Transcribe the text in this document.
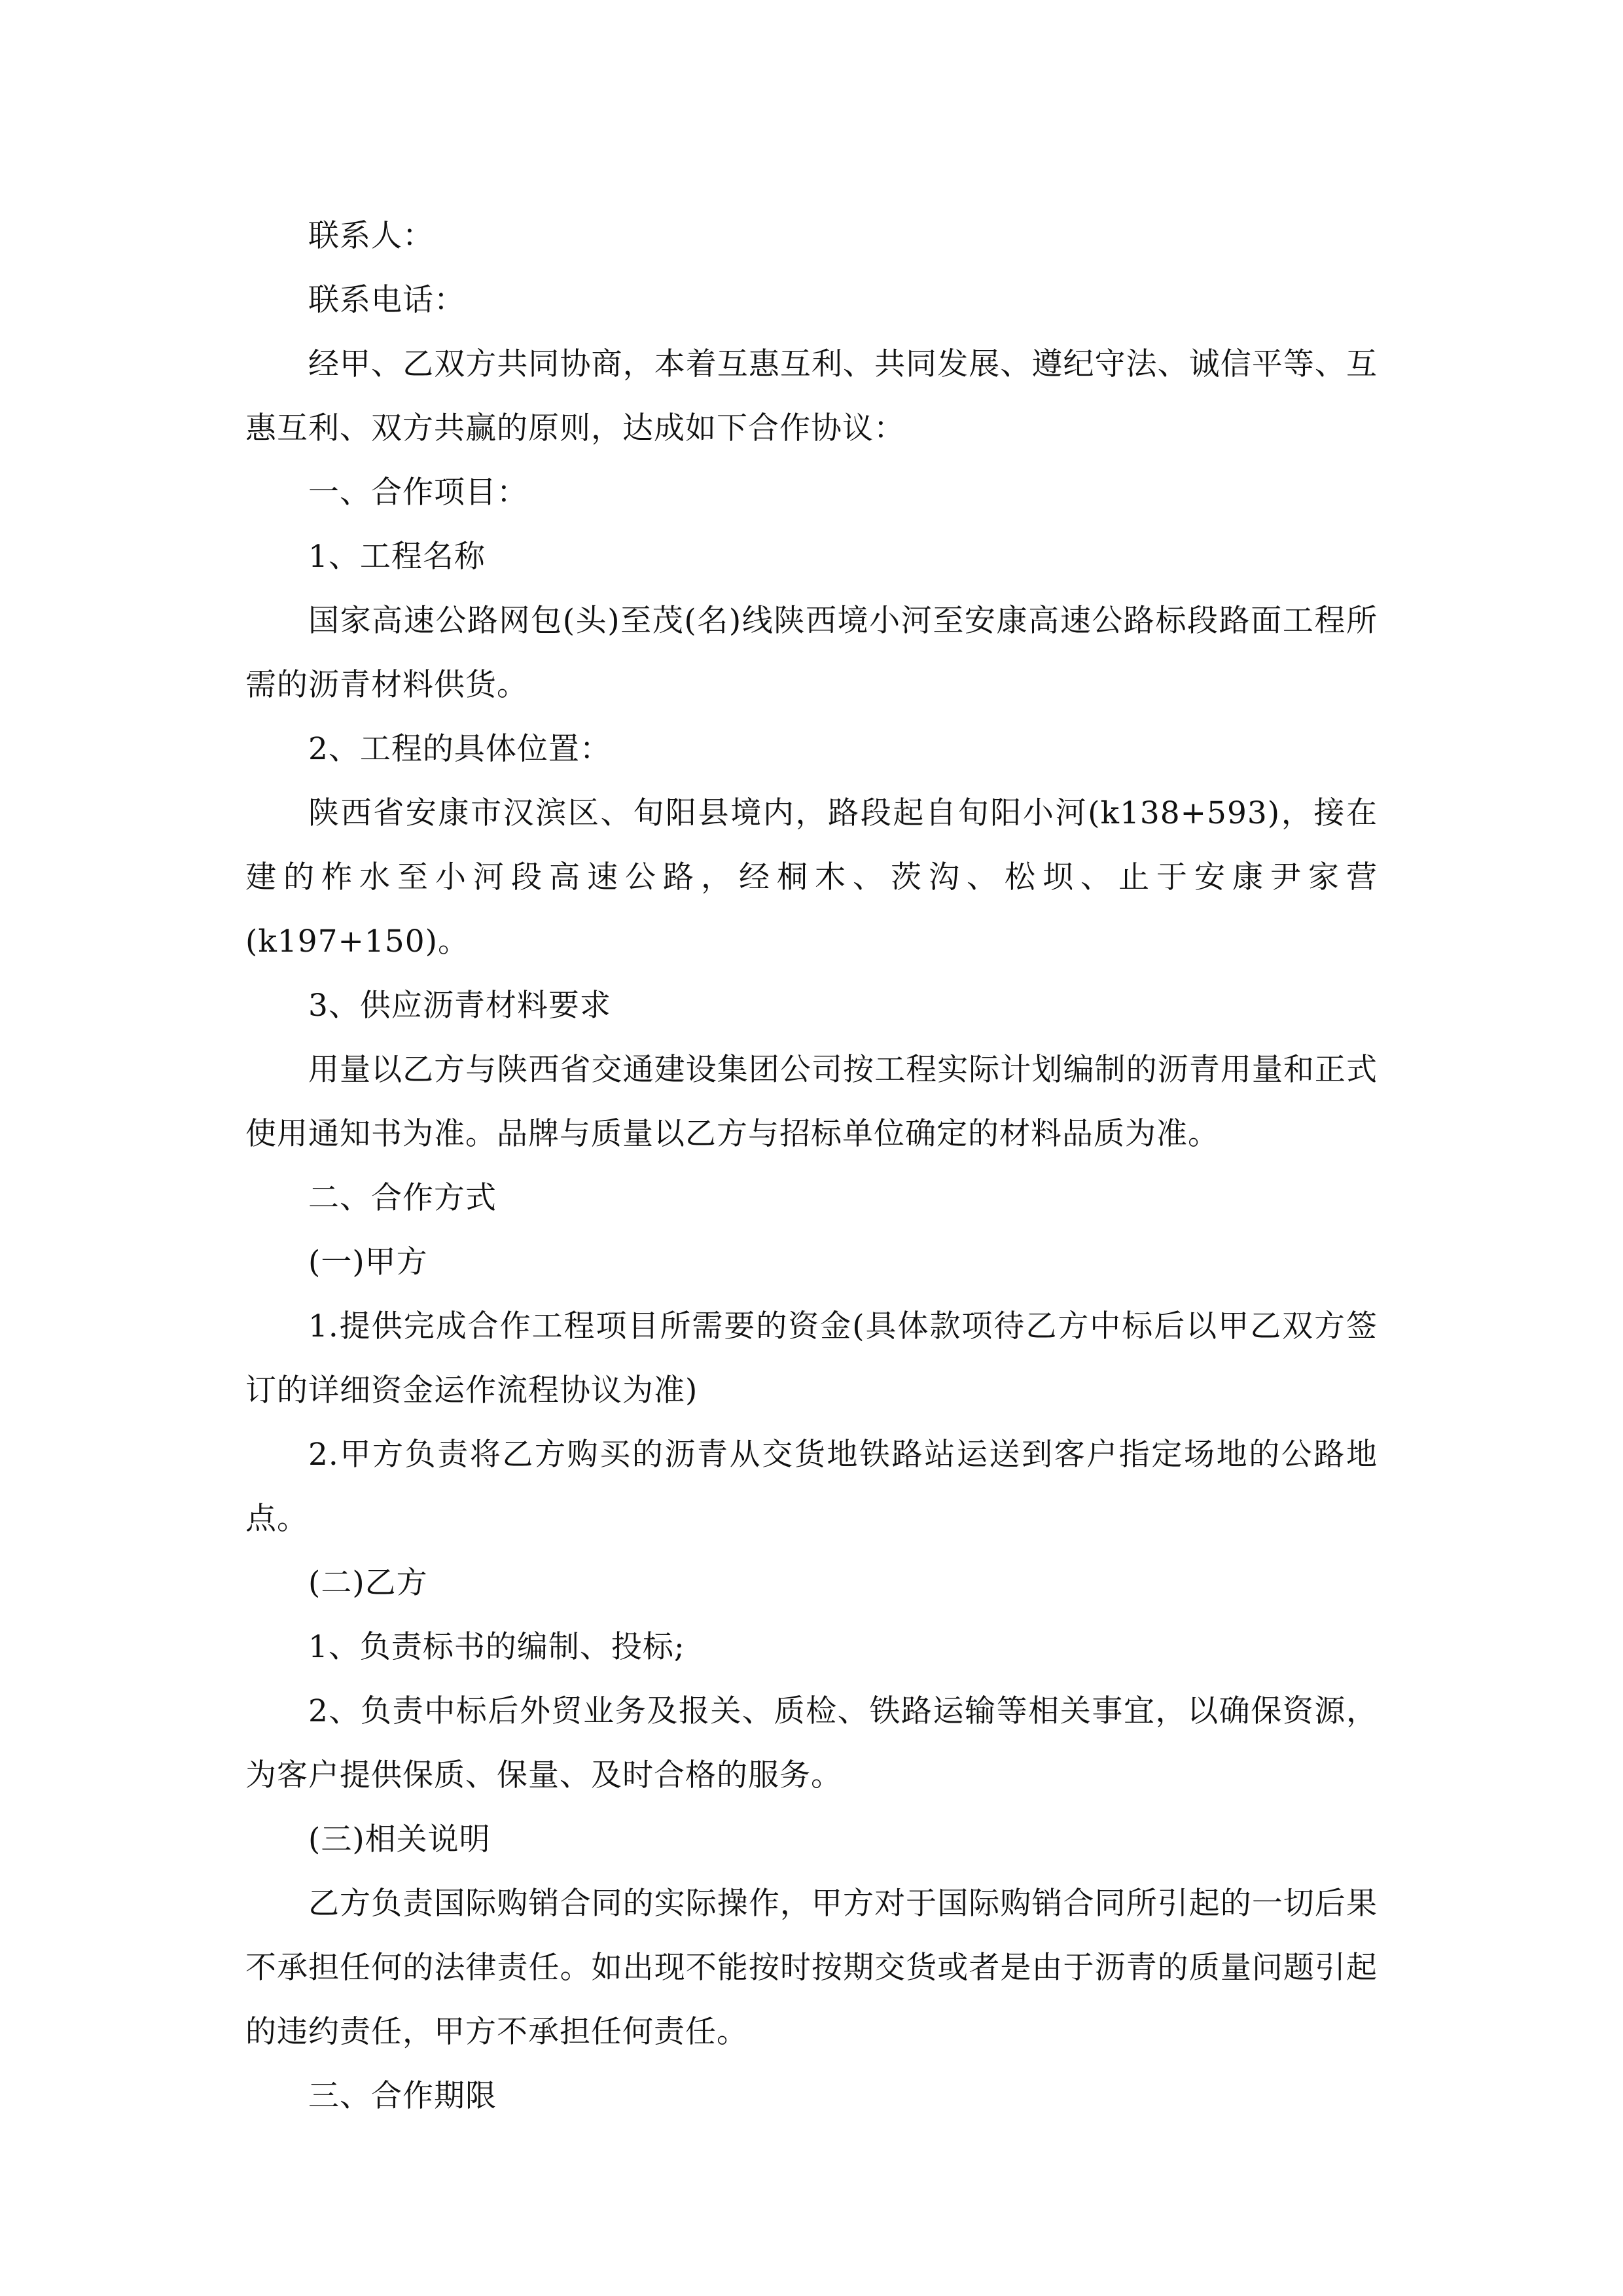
联系人：

联系电话：

经甲、乙双方共同协商，本着互惠互利、共同发展、遵纪守法、诚信平等、互惠互利、双方共赢的原则，达成如下合作协议：

一、合作项目：

1、工程名称

国家高速公路网包(头)至茂(名)线陕西境小河至安康高速公路标段路面工程所需的沥青材料供货。

2、工程的具体位置：

陕西省安康市汉滨区、旬阳县境内，路段起自旬阳小河(k138+593)，接在建的柞水至小河段高速公路，经桐木、茨沟、松坝、止于安康尹家营(k197+150)。

3、供应沥青材料要求

用量以乙方与陕西省交通建设集团公司按工程实际计划编制的沥青用量和正式使用通知书为准。品牌与质量以乙方与招标单位确定的材料品质为准。

二、合作方式

(一)甲方

1.提供完成合作工程项目所需要的资金(具体款项待乙方中标后以甲乙双方签订的详细资金运作流程协议为准)

2.甲方负责将乙方购买的沥青从交货地铁路站运送到客户指定场地的公路地点。

(二)乙方

1、负责标书的编制、投标;

2、负责中标后外贸业务及报关、质检、铁路运输等相关事宜，以确保资源，为客户提供保质、保量、及时合格的服务。

(三)相关说明

乙方负责国际购销合同的实际操作，甲方对于国际购销合同所引起的一切后果不承担任何的法律责任。如出现不能按时按期交货或者是由于沥青的质量问题引起的违约责任，甲方不承担任何责任。

三、合作期限
